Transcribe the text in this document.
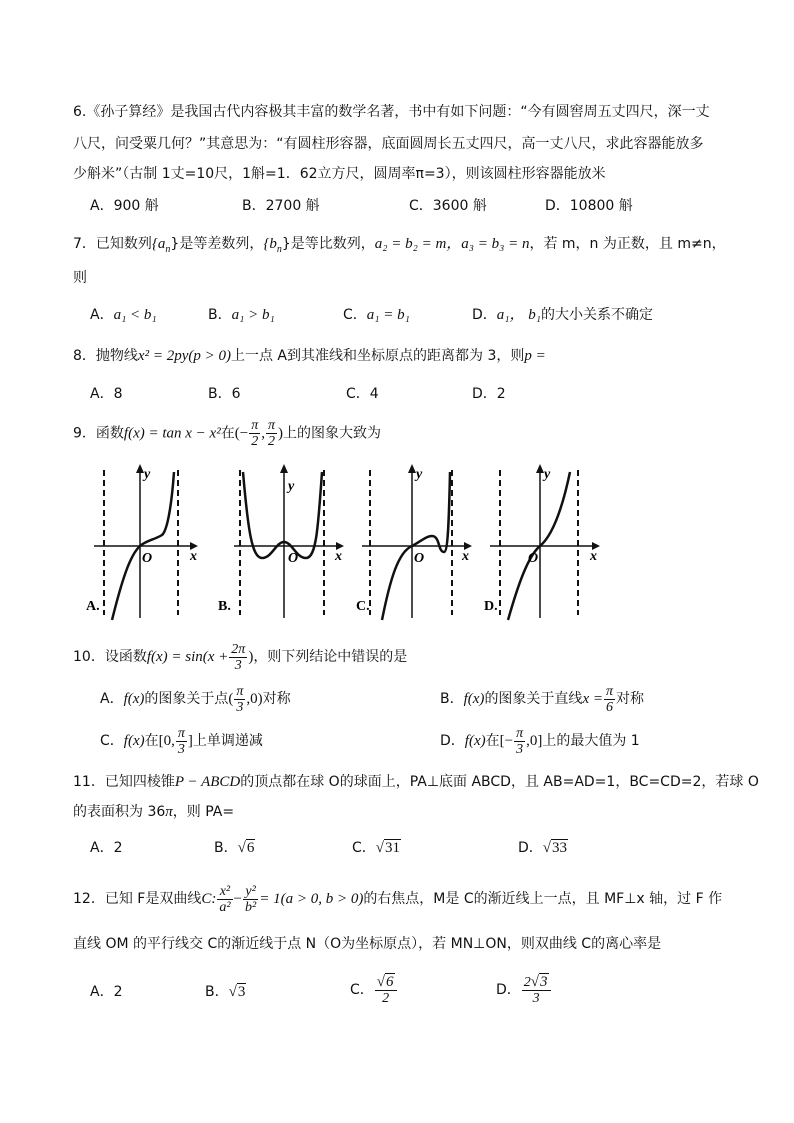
6.《孙子算经》是我国古代内容极其丰富的数学名著，书中有如下问题：“今有圆窖周五丈四尺，深一丈
八尺，问受粟几何？”其意思为：“有圆柱形容器，底面圆周长五丈四尺，高一丈八尺，求此容器能放多
少斛米”（古制 1丈=10尺，1斛=1．62立方尺，圆周率π=3），则该圆柱形容器能放米
A．900 斛	B．2700 斛	C．3600 斛	D．10800 斛
7．已知数列$\{a_n\}$是等差数列，$\{b_n\}$是等比数列，a₂ = b₂ = m，a₃ = b₃ = n，若 m，n 为正数，且 m≠n，
则
A．a₁ < b₁	B．a₁ > b₁	C．a₁ = b₁	D．a₁， b₁的大小关系不确定
8．抛物线x² = 2py(p > 0)上一点 A到其准线和坐标原点的距离都为 3，则p =
A．8	B．6	C．4	D．2
9．函数f(x) = tan x − x²在(− $\frac{\pi}{2}$ , $\frac{\pi}{2}$ )上的图象大致为
y
x
O
A.
y
x
O
B.
y
x
O
C.
y
x
O
D.
10．设函数$f(x) = \sin(x + \frac{2\pi}{3}$ )，则下列结论中错误的是
A．f(x)的图象关于点( $\frac{\pi}{3} ,0$)对称	B．f(x)的图象关于直线$x = \frac{\pi}{6}$ 对称
C．f(x)在[0, $\frac{\pi}{3}$ ]上单调递减	D．f(x)在[− $\frac{\pi}{3} ,0$]上的最大值为 1
11．已知四棱锥P − ABCD的顶点都在球 O的球面上，PA⊥底面 ABCD，且 AB=AD=1，BC=CD=2，若球 O
的表面积为 36π，则 PA=
A．2	B．√6	C．√31	D．√33
12．已知 F是双曲线C: $\frac{\text{x²}}{\text{a²}} - \frac{\text{y²}}{\text{b²}} = 1(a > 0$, b > 0)的右焦点，M是 C的渐近线上一点，且 MF⊥x 轴，过 F 作
直线 OM 的平行线交 C的渐近线于点 N（O为坐标原点），若 MN⊥ON，则双曲线 C的离心率是
A．2	B．√3	C． $\frac{√6}{2}$	D． $\frac{2√3}{3}$
